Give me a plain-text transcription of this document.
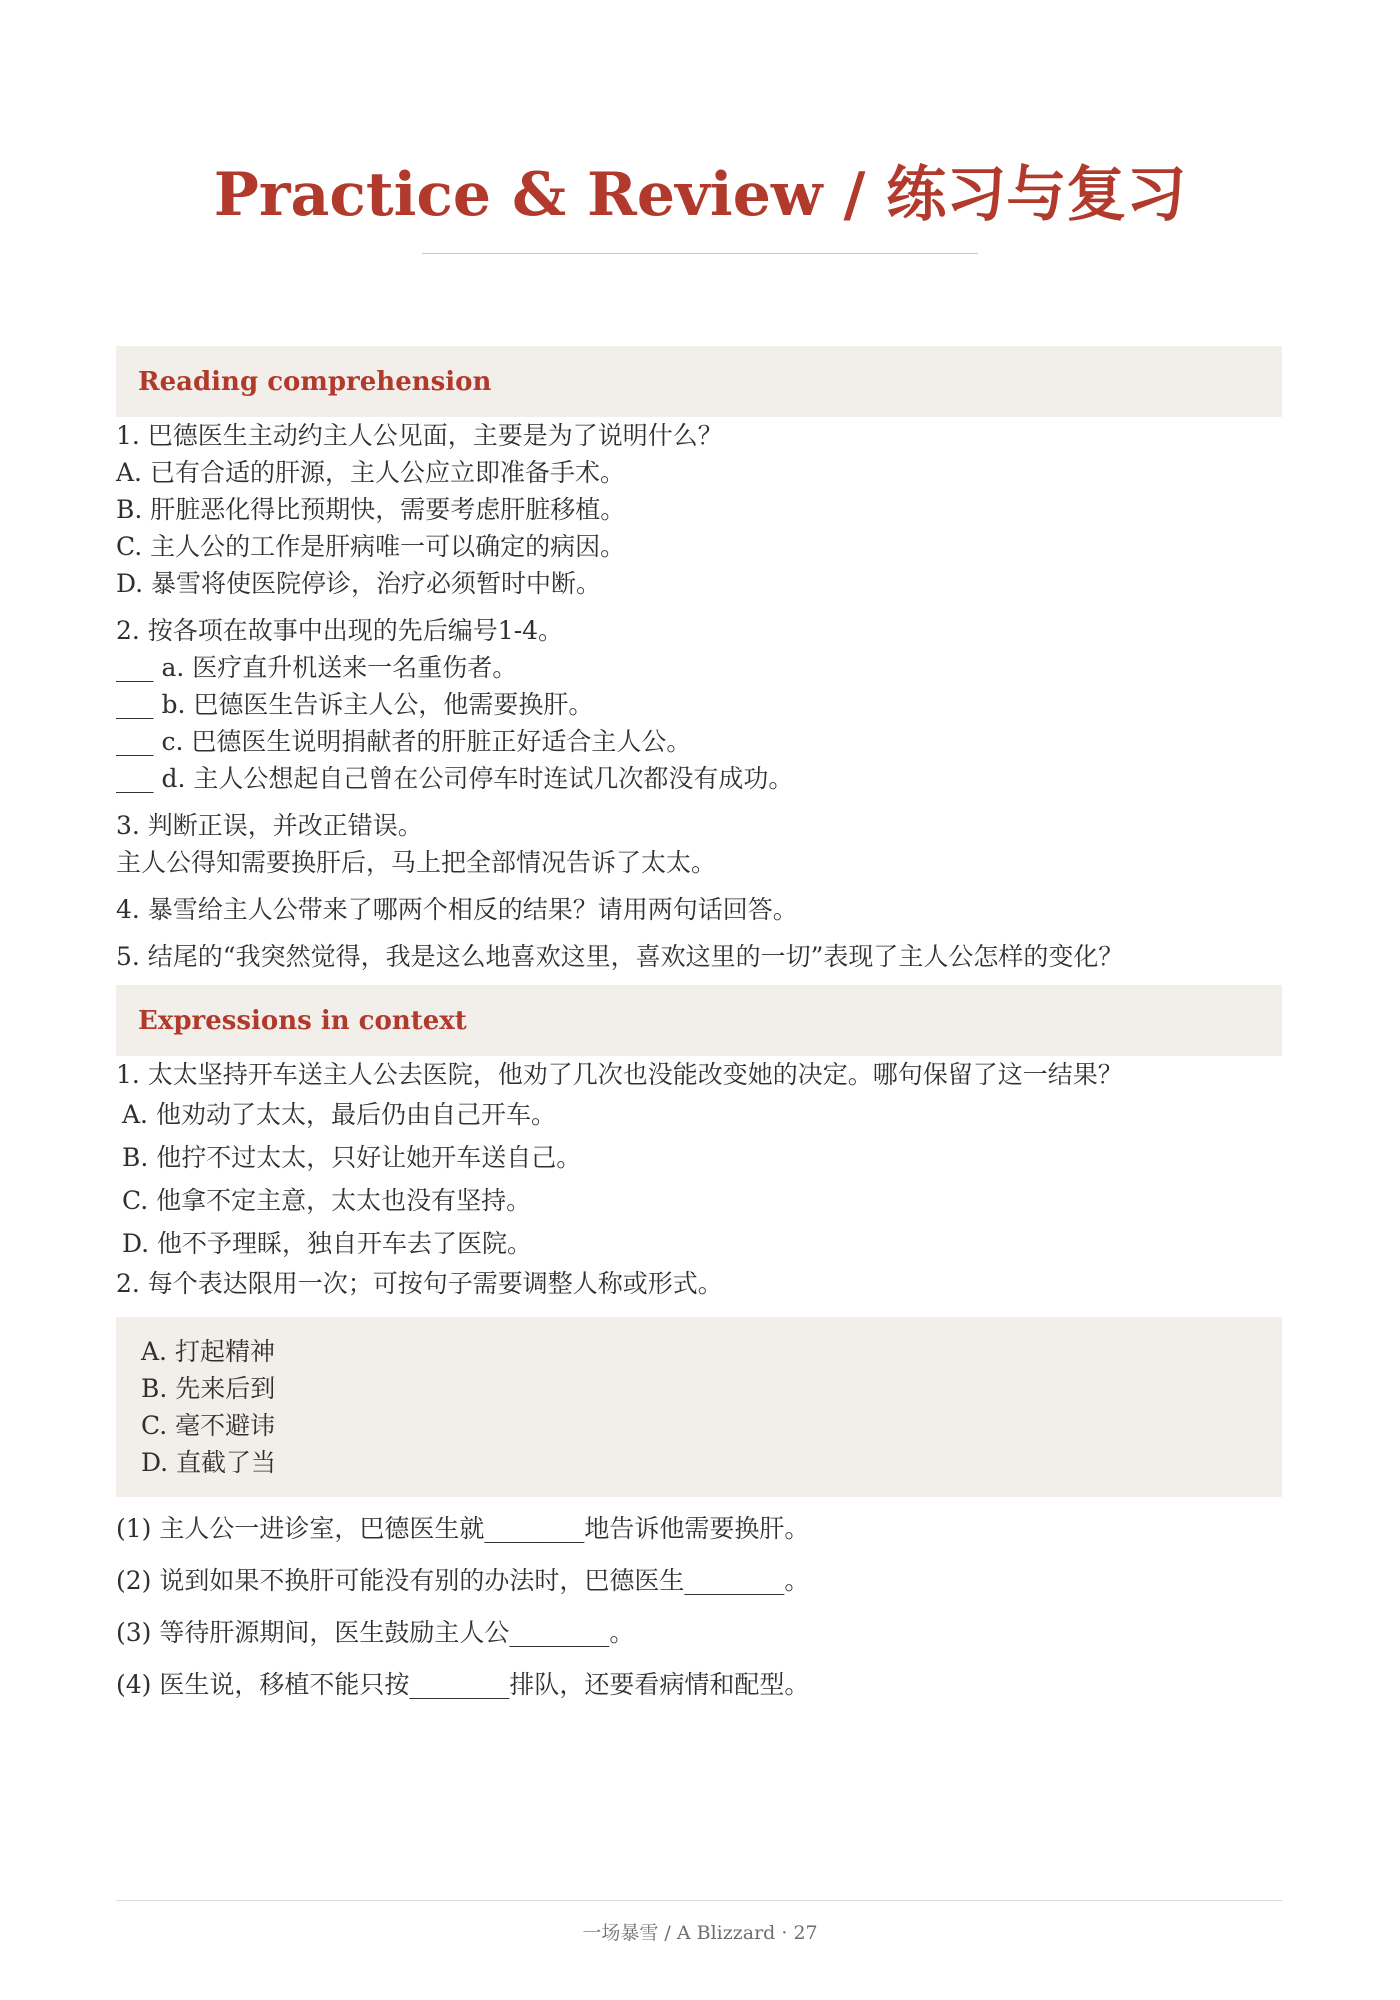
Practice & Review / 练习与复习
Reading comprehension
1. 巴德医生主动约主人公见面，主要是为了说明什么？
A. 已有合适的肝源，主人公应立即准备手术。
B. 肝脏恶化得比预期快，需要考虑肝脏移植。
C. 主人公的工作是肝病唯一可以确定的病因。
D. 暴雪将使医院停诊，治疗必须暂时中断。
2. 按各项在故事中出现的先后编号1-4。
___ a. 医疗直升机送来一名重伤者。
___ b. 巴德医生告诉主人公，他需要换肝。
___ c. 巴德医生说明捐献者的肝脏正好适合主人公。
___ d. 主人公想起自己曾在公司停车时连试几次都没有成功。
3. 判断正误，并改正错误。
主人公得知需要换肝后，马上把全部情况告诉了太太。
4. 暴雪给主人公带来了哪两个相反的结果？请用两句话回答。
5. 结尾的“我突然觉得，我是这么地喜欢这里，喜欢这里的一切”表现了主人公怎样的变化？
Expressions in context
1. 太太坚持开车送主人公去医院，他劝了几次也没能改变她的决定。哪句保留了这一结果？
A. 他劝动了太太，最后仍由自己开车。
B. 他拧不过太太，只好让她开车送自己。
C. 他拿不定主意，太太也没有坚持。
D. 他不予理睬，独自开车去了医院。
2. 每个表达限用一次；可按句子需要调整人称或形式。
A. 打起精神
B. 先来后到
C. 毫不避讳
D. 直截了当
(1) 主人公一进诊室，巴德医生就________地告诉他需要换肝。
(2) 说到如果不换肝可能没有别的办法时，巴德医生________。
(3) 等待肝源期间，医生鼓励主人公________。
(4) 医生说，移植不能只按________排队，还要看病情和配型。
一场暴雪 / A Blizzard · 27
